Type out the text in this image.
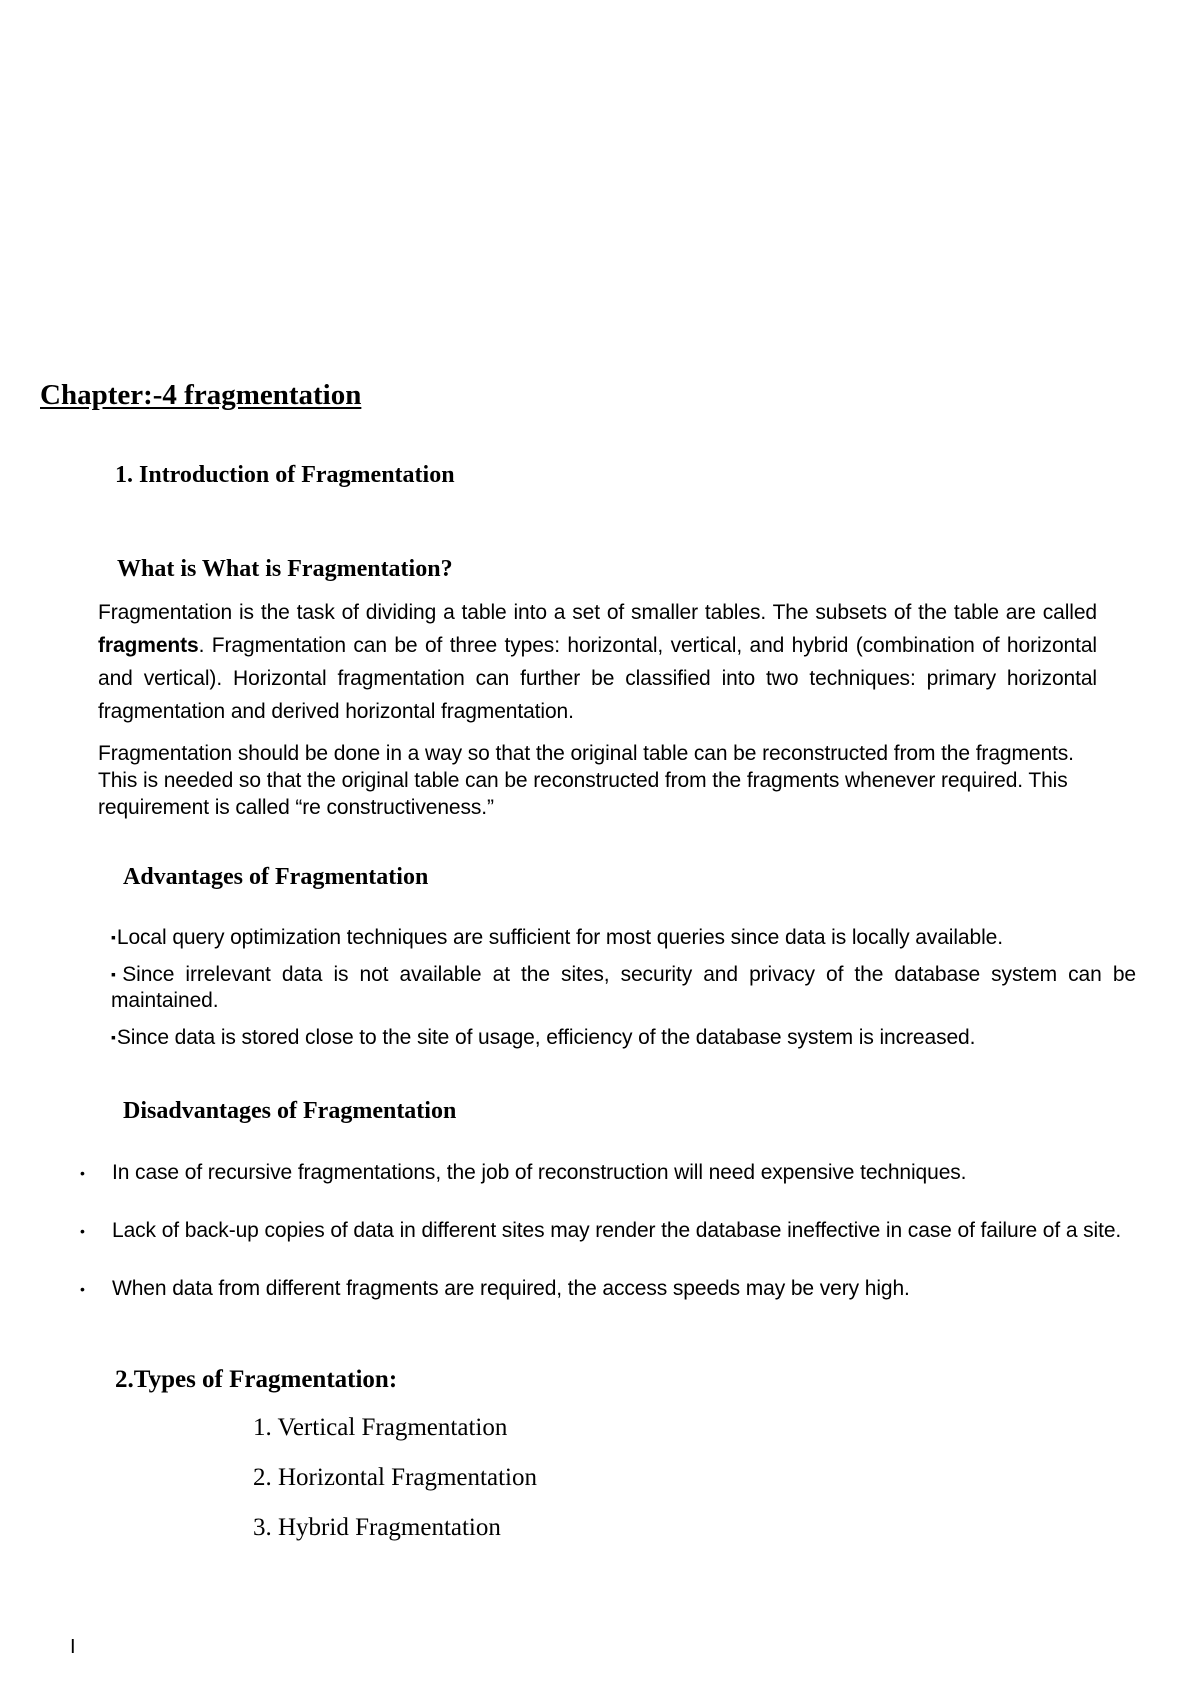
Chapter:-4 fragmentation
1. Introduction of Fragmentation
What is What is Fragmentation?

Fragmentation is the task of dividing a table into a set of smaller tables. The subsets of the table are called fragments. Fragmentation can be of three types: horizontal, vertical, and hybrid (combination of horizontal and vertical). Horizontal fragmentation can further be classified into two techniques: primary horizontal fragmentation and derived horizontal fragmentation.

Fragmentation should be done in a way so that the original table can be reconstructed from the fragments. This is needed so that the original table can be reconstructed from the fragments whenever required. This requirement is called “re constructiveness.”

Advantages of Fragmentation
▪Local query optimization techniques are sufficient for most queries since data is locally available.
▪Since irrelevant data is not available at the sites, security and privacy of the database system can be maintained.
▪Since data is stored close to the site of usage, efficiency of the database system is increased.
Disadvantages of Fragmentation
• In case of recursive fragmentations, the job of reconstruction will need expensive techniques.
• Lack of back-up copies of data in different sites may render the database ineffective in case of failure of a site.
• When data from different fragments are required, the access speeds may be very high.
2.Types of Fragmentation:
1. Vertical Fragmentation
2. Horizontal Fragmentation
3. Hybrid Fragmentation
I
